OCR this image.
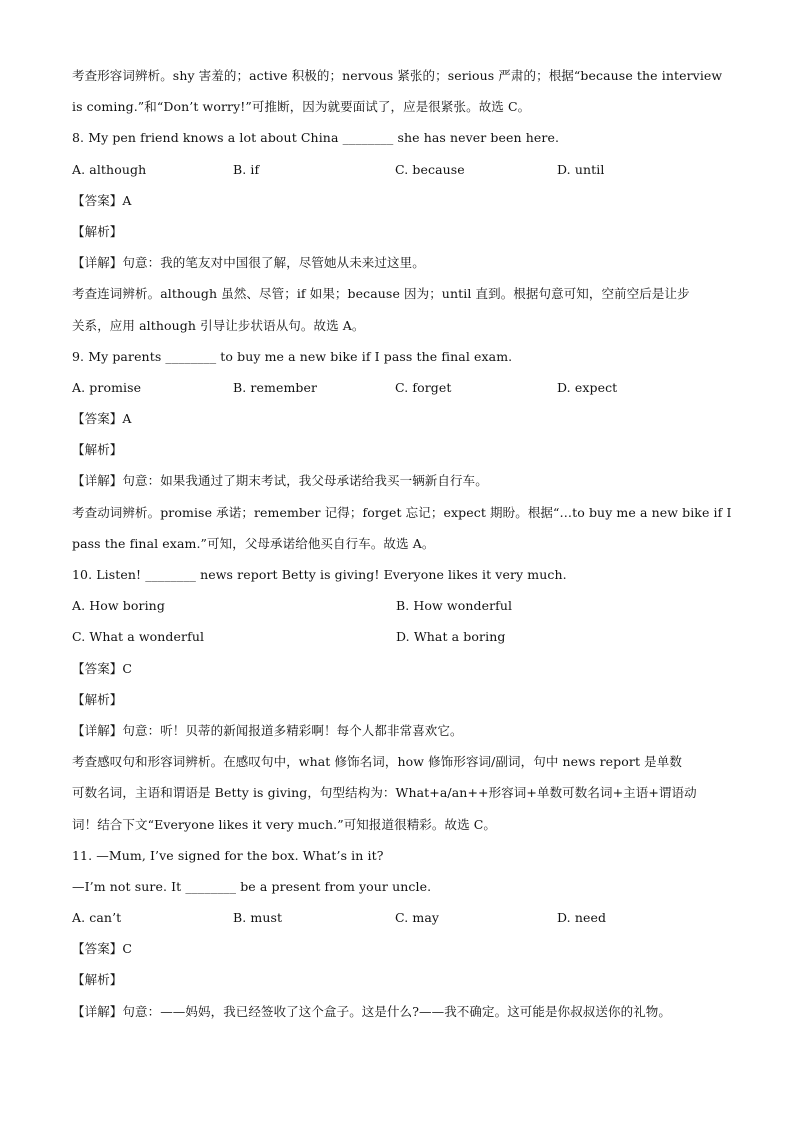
考查形容词辨析。shy 害羞的；active 积极的；nervous 紧张的；serious 严肃的；根据“because the interview
is coming.”和“Don’t worry!”可推断，因为就要面试了，应是很紧张。故选 C。
8. My pen friend knows a lot about China ________ she has never been here.
A. although	B. if	C. because	D. until
【答案】A
【解析】
【详解】句意：我的笔友对中国很了解，尽管她从未来过这里。
考查连词辨析。although 虽然、尽管；if 如果；because 因为；until 直到。根据句意可知，空前空后是让步
关系，应用 although 引导让步状语从句。故选 A。
9. My parents ________ to buy me a new bike if I pass the final exam.
A. promise	B. remember	C. forget	D. expect
【答案】A
【解析】
【详解】句意：如果我通过了期末考试，我父母承诺给我买一辆新自行车。
考查动词辨析。promise 承诺；remember 记得；forget 忘记；expect 期盼。根据“…to buy me a new bike if I
pass the final exam.”可知，父母承诺给他买自行车。故选 A。
10. Listen! ________ news report Betty is giving! Everyone likes it very much.
A. How boring	B. How wonderful
C. What a wonderful	D. What a boring
【答案】C
【解析】
【详解】句意：听！贝蒂的新闻报道多精彩啊！每个人都非常喜欢它。
考查感叹句和形容词辨析。在感叹句中，what 修饰名词，how 修饰形容词/副词，句中 news report 是单数
可数名词，主语和谓语是 Betty is giving，句型结构为：What+a/an++形容词+单数可数名词+主语+谓语动
词！结合下文“Everyone likes it very much.”可知报道很精彩。故选 C。
11. —Mum, I’ve signed for the box. What’s in it?
—I’m not sure. It ________ be a present from your uncle.
A. can’t	B. must	C. may	D. need
【答案】C
【解析】
【详解】句意：——妈妈，我已经签收了这个盒子。这是什么?——我不确定。这可能是你叔叔送你的礼物。
